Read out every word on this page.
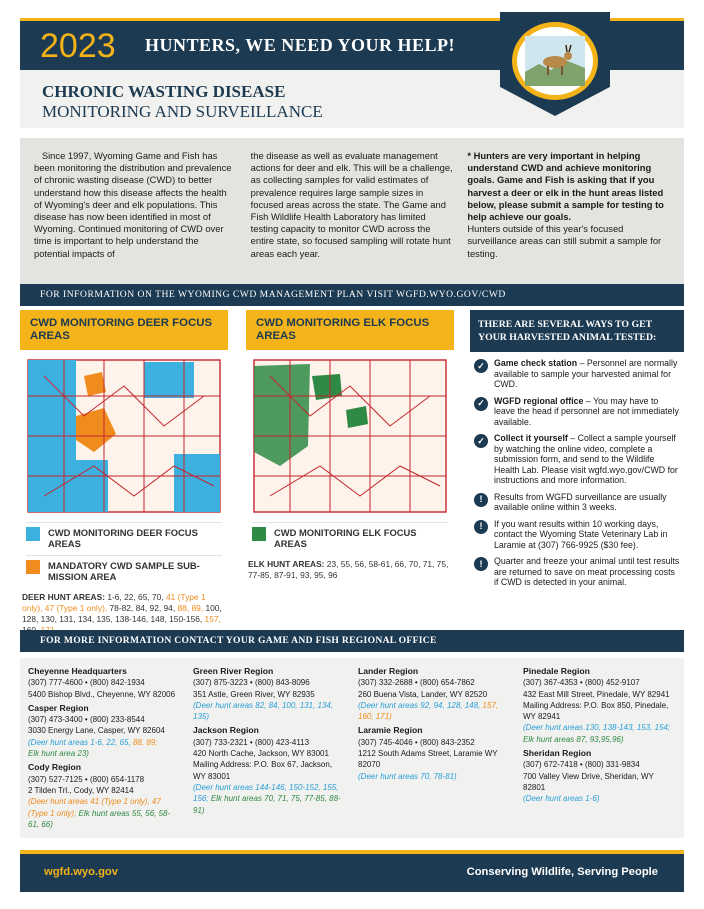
2023 HUNTERS, WE NEED YOUR HELP!
CHRONIC WASTING DISEASE
MONITORING AND SURVEILLANCE
Since 1997, Wyoming Game and Fish has been monitoring the distribution and prevalence of chronic wasting disease (CWD) to better understand how this disease affects the health of Wyoming's deer and elk populations. This disease has now been identified in most of Wyoming. Continued monitoring of CWD over time is important to help understand the potential impacts of
the disease as well as evaluate management actions for deer and elk. This will be a challenge, as collecting samples for valid estimates of prevalence requires large sample sizes in focused areas across the state. The Game and Fish Wildlife Health Laboratory has limited testing capacity to monitor CWD across the entire state, so focused sampling will rotate hunt areas each year.
* Hunters are very important in helping understand CWD and achieve monitoring goals. Game and Fish is asking that if you harvest a deer or elk in the hunt areas listed below, please submit a sample for testing to help achieve our goals.
Hunters outside of this year's focused surveillance areas can still submit a sample for testing.
FOR INFORMATION ON THE WYOMING CWD MANAGEMENT PLAN VISIT WGFD.WYO.GOV/CWD
CWD MONITORING DEER FOCUS AREAS
CWD MONITORING DEER FOCUS AREAS
MANDATORY CWD SAMPLE SUB-MISSION AREA
DEER HUNT AREAS: 1-6, 22, 65, 70, 41 (Type 1 only), 47 (Type 1 only), 78-82, 84, 92, 94, 88, 89, 100, 128, 130, 131, 134, 135, 138-146, 148, 150-156, 157,
CWD MONITORING ELK FOCUS AREAS
CWD MONITORING ELK FOCUS AREAS
ELK HUNT AREAS: 23, 55, 56, 58-61, 66, 70, 71, 75, 77-85, 87-91, 93, 95, 96
THERE ARE SEVERAL WAYS TO GET YOUR HARVESTED ANIMAL TESTED:
✓	Game check station – Personnel are normally available to sample your harvested animal for CWD.
✓	WGFD regional office – You may have to leave the head if personnel are not immediately available.
✓	Collect it yourself – Collect a sample yourself by watching the online video, complete a submission form, and send to the Wildlife Health Lab. Please visit wgfd.wyo.gov/CWD for instructions and more information.
!	Results from WGFD surveillance are usually available online within 3 weeks.
!	If you want results within 10 working days, contact the Wyoming State Veterinary Lab in Laramie at (307) 766-9925 ($30 fee).
!	Quarter and freeze your animal until test results are returned to save on meat processing costs if CWD is detected in your animal.
FOR MORE INFORMATION CONTACT YOUR GAME AND FISH REGIONAL OFFICE
Cheyenne Headquarters
(307) 777-4600 • (800) 842-1934
5400 Bishop Blvd., Cheyenne, WY 82006
Casper Region
(307) 473-3400 • (800) 233-8544
3030 Energy Lane, Casper, WY 82604
(Deer hunt areas 1-6, 22, 65, 88, 89;
Elk hunt area 23)
Cody Region
(307) 527-7125 • (800) 654-1178
2 Tilden Trl., Cody, WY 82414
(Deer hunt areas 41 (Type 1 only), 47 (Type 1 only); Elk hunt areas 55, 56, 58-61, 66)
Green River Region
(307) 875-3223 • (800) 843-8096
351 Astle, Green River, WY 82935
(Deer hunt areas 82, 84, 100, 131, 134, 135)
Jackson Region
(307) 733-2321 • (800) 423-4113
420 North Cache, Jackson, WY 83001
Mailing Address: P.O. Box 67, Jackson, WY 83001
(Deer hunt areas 144-146, 150-152, 155, 156; Elk hunt areas 70, 71, 75, 77-85, 88-91)
Lander Region
(307) 332-2688 • (800) 654-7862
260 Buena Vista, Lander, WY 82520
(Deer hunt areas 92, 94, 128, 148, 157, 160, 171)
Laramie Region
(307) 745-4046 • (800) 843-2352
1212 South Adams Street, Laramie WY 82070
(Deer hunt areas 70, 78-81)
Pinedale Region
(307) 367-4353 • (800) 452-9107
432 East Mill Street, Pinedale, WY 82941
Mailing Address: P.O. Box 850, Pinedale, WY 82941
(Deer hunt areas 130, 138-143, 153, 154;
Elk hunt areas 87, 93,95,96)
Sheridan Region
(307) 672-7418 • (800) 331-9834
700 Valley View Drive, Sheridan, WY 82801
(Deer hunt areas 1-6)
wgfd.wyo.gov	Conserving Wildlife, Serving People
